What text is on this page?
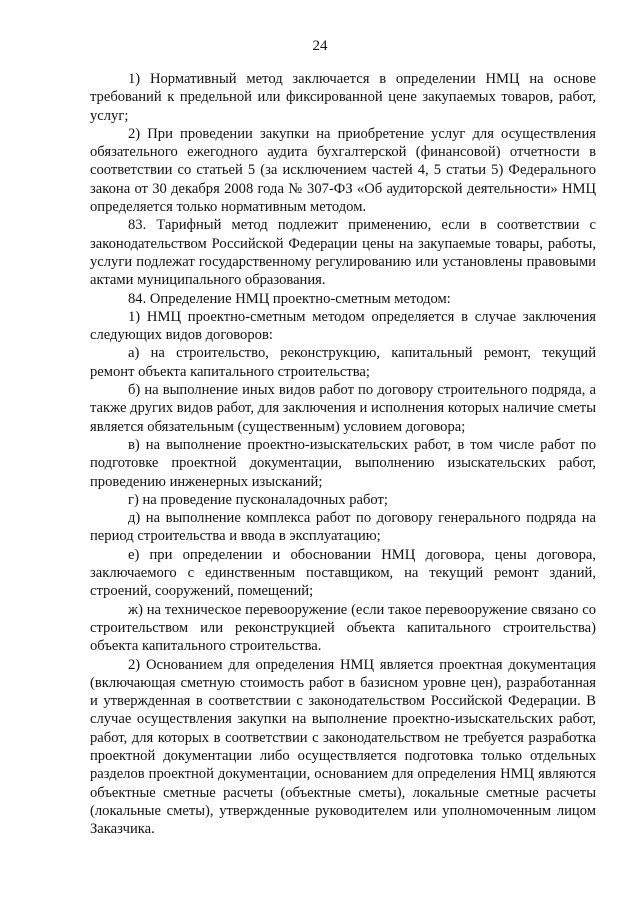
24

1) Нормативный метод заключается в определении НМЦ на основе требований к предельной или фиксированной цене закупаемых товаров, работ, услуг;

2) При проведении закупки на приобретение услуг для осуществления обязательного ежегодного аудита бухгалтерской (финансовой) отчетности в соответствии со статьей 5 (за исключением частей 4, 5 статьи 5) Федерального закона от 30 декабря 2008 года № 307-ФЗ «Об аудиторской деятельности» НМЦ определяется только нормативным методом.

83. Тарифный метод подлежит применению, если в соответствии с законодательством Российской Федерации цены на закупаемые товары, работы, услуги подлежат государственному регулированию или установлены правовыми актами муниципального образования.

84. Определение НМЦ проектно-сметным методом:

1) НМЦ проектно-сметным методом определяется в случае заключения следующих видов договоров:

а) на строительство, реконструкцию, капитальный ремонт, текущий ремонт объекта капитального строительства;

б) на выполнение иных видов работ по договору строительного подряда, а также других видов работ, для заключения и исполнения которых наличие сметы является обязательным (существенным) условием договора;

в) на выполнение проектно-изыскательских работ, в том числе работ по подготовке проектной документации, выполнению изыскательских работ, проведению инженерных изысканий;

г) на проведение пусконаладочных работ;

д) на выполнение комплекса работ по договору генерального подряда на период строительства и ввода в эксплуатацию;

е) при определении и обосновании НМЦ договора, цены договора, заключаемого с единственным поставщиком, на текущий ремонт зданий, строений, сооружений, помещений;

ж) на техническое перевооружение (если такое перевооружение связано со строительством или реконструкцией объекта капитального строительства) объекта капитального строительства.

2) Основанием для определения НМЦ является проектная документация (включающая сметную стоимость работ в базисном уровне цен), разработанная и утвержденная в соответствии с законодательством Российской Федерации. В случае осуществления закупки на выполнение проектно-изыскательских работ, работ, для которых в соответствии с законодательством не требуется разработка проектной документации либо осуществляется подготовка только отдельных разделов проектной документации, основанием для определения НМЦ являются объектные сметные расчеты (объектные сметы), локальные сметные расчеты (локальные сметы), утвержденные руководителем или уполномоченным лицом Заказчика.
